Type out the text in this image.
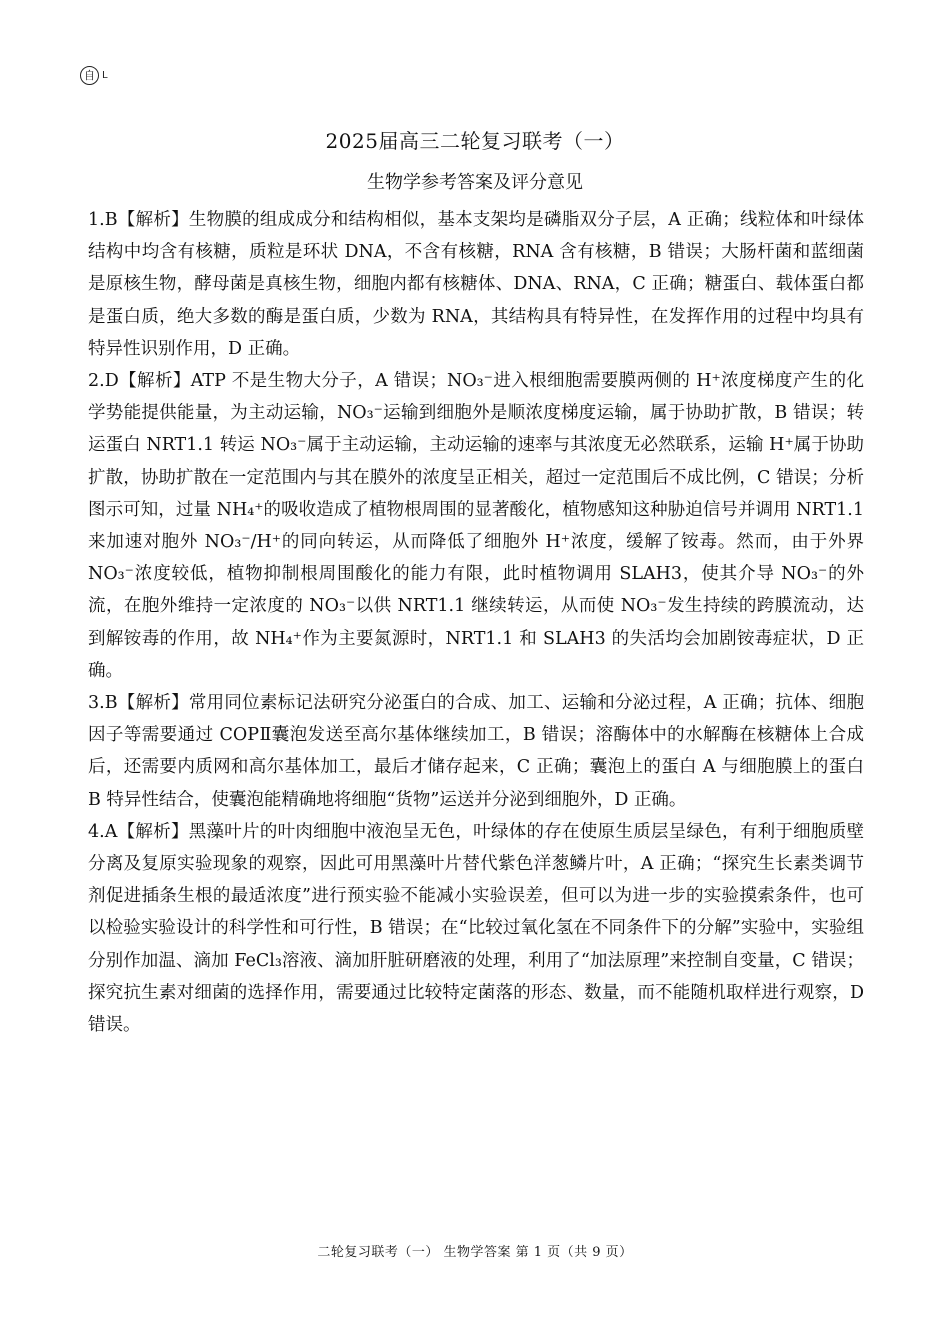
自 L
2025届高三二轮复习联考（一）
生物学参考答案及评分意见

1.B【解析】生物膜的组成成分和结构相似，基本支架均是磷脂双分子层，A 正确；线粒体和叶绿体结构中均含有核糖，质粒是环状 DNA，不含有核糖，RNA 含有核糖，B 错误；大肠杆菌和蓝细菌是原核生物，酵母菌是真核生物，细胞内都有核糖体、DNA、RNA，C 正确；糖蛋白、载体蛋白都是蛋白质，绝大多数的酶是蛋白质，少数为 RNA，其结构具有特异性，在发挥作用的过程中均具有特异性识别作用，D 正确。

2.D【解析】ATP 不是生物大分子，A 错误；NO₃⁻进入根细胞需要膜两侧的 H⁺浓度梯度产生的化学势能提供能量，为主动运输，NO₃⁻运输到细胞外是顺浓度梯度运输，属于协助扩散，B 错误；转运蛋白 NRT1.1 转运 NO₃⁻属于主动运输，主动运输的速率与其浓度无必然联系，运输 H⁺属于协助扩散，协助扩散在一定范围内与其在膜外的浓度呈正相关，超过一定范围后不成比例，C 错误；分析图示可知，过量 NH₄⁺的吸收造成了植物根周围的显著酸化，植物感知这种胁迫信号并调用 NRT1.1 来加速对胞外 NO₃⁻/H⁺的同向转运，从而降低了细胞外 H⁺浓度，缓解了铵毒。然而，由于外界 NO₃⁻浓度较低，植物抑制根周围酸化的能力有限，此时植物调用 SLAH3，使其介导 NO₃⁻的外流，在胞外维持一定浓度的 NO₃⁻以供 NRT1.1 继续转运，从而使 NO₃⁻发生持续的跨膜流动，达到解铵毒的作用，故 NH₄⁺作为主要氮源时，NRT1.1 和 SLAH3 的失活均会加剧铵毒症状，D 正确。

3.B【解析】常用同位素标记法研究分泌蛋白的合成、加工、运输和分泌过程，A 正确；抗体、细胞因子等需要通过 COPⅡ囊泡发送至高尔基体继续加工，B 错误；溶酶体中的水解酶在核糖体上合成后，还需要内质网和高尔基体加工，最后才储存起来，C 正确；囊泡上的蛋白 A 与细胞膜上的蛋白 B 特异性结合，使囊泡能精确地将细胞“货物”运送并分泌到细胞外，D 正确。

4.A【解析】黑藻叶片的叶肉细胞中液泡呈无色，叶绿体的存在使原生质层呈绿色，有利于细胞质壁分离及复原实验现象的观察，因此可用黑藻叶片替代紫色洋葱鳞片叶，A 正确；“探究生长素类调节剂促进插条生根的最适浓度”进行预实验不能减小实验误差，但可以为进一步的实验摸索条件，也可以检验实验设计的科学性和可行性，B 错误；在“比较过氧化氢在不同条件下的分解”实验中，实验组分别作加温、滴加 FeCl₃溶液、滴加肝脏研磨液的处理，利用了“加法原理”来控制自变量，C 错误；探究抗生素对细菌的选择作用，需要通过比较特定菌落的形态、数量，而不能随机取样进行观察，D 错误。

二轮复习联考（一） 生物学答案 第 1 页（共 9 页）
